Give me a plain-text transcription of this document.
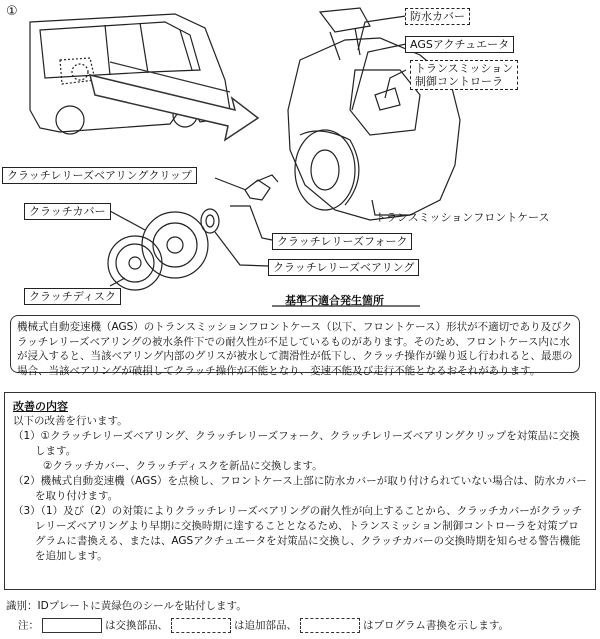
①	防水カバー
AGSアクチュエータ
トランスミッション
制御コントローラ
クラッチレリーズベアリングクリップ
クラッチカバー	トランスミッションフロントケース
クラッチレリーズフォーク
クラッチレリーズベアリング
クラッチディスク	基準不適合発生箇所
機械式自動変速機（AGS）のトランスミッションフロントケース（以下、フロントケース）形状が不適切であり及びクラッチレリーズベアリングの被水条件下での耐久性が不足しているものがあります。そのため、フロントケース内に水が浸入すると、当該ベアリング内部のグリスが被水して潤滑性が低下し、クラッチ操作が繰り返し行われると、最悪の場合、当該ベアリングが破損してクラッチ操作が不能となり、変速不能及び走行不能となるおそれがあります。
改善の内容

以下の改善を行います。

（1）①クラッチレリーズベアリング、クラッチレリーズフォーク、クラッチレリーズベアリングクリップを対策品に交換します。

②クラッチカバー、クラッチディスクを新品に交換します。

（2）機械式自動変速機（AGS）を点検し、フロントケース上部に防水カバーが取り付けられていない場合は、防水カバーを取り付けます。

（3）（1）及び（2）の対策によりクラッチレリーズベアリングの耐久性が向上することから、クラッチカバーがクラッチレリーズベアリングより早期に交換時期に達することとなるため、トランスミッション制御コントローラを対策プログラムに書換える、または、AGSアクチュエータを対策品に交換し、クラッチカバーの交換時期を知らせる警告機能を追加します。

識別：IDプレートに黄緑色のシールを貼付します。
注：	は交換部品、	は追加部品、	はプログラム書換を示します。
